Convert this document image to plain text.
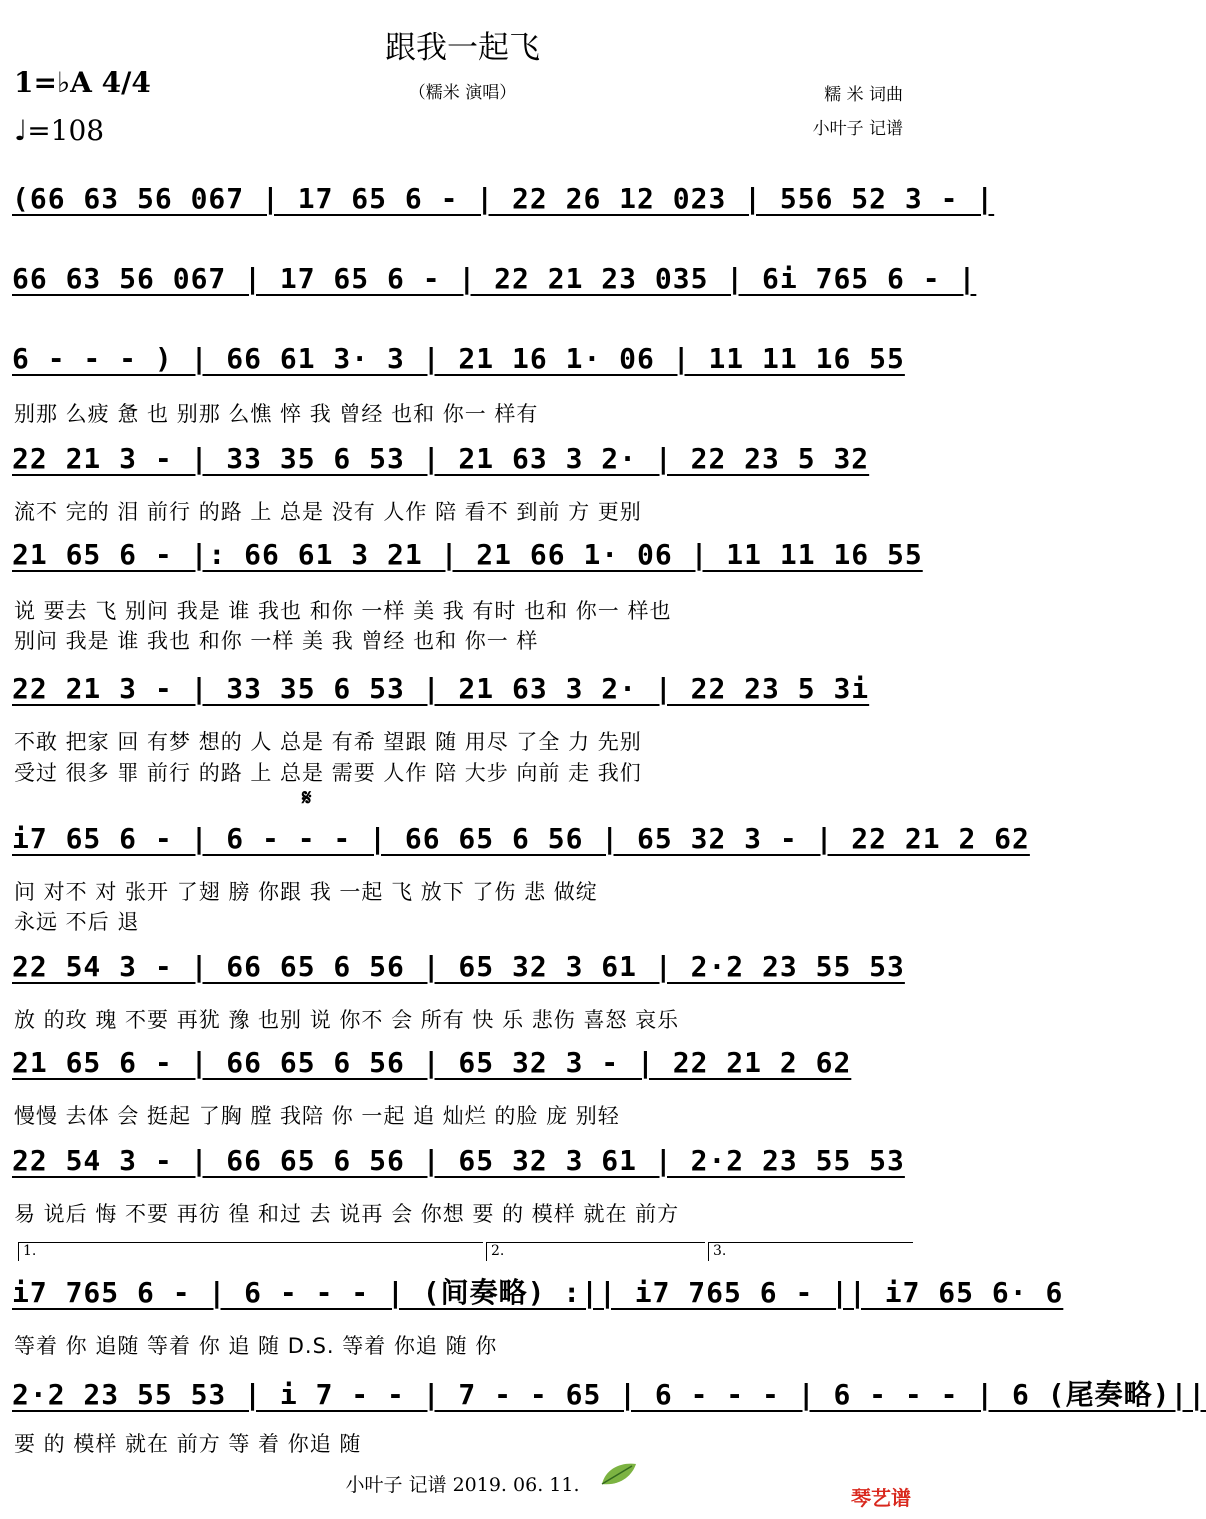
跟我一起飞
（糯米 演唱）	糯 米 词曲
小叶子 记谱
1=♭A 4/4
♩=108
(66 63 56 067 | 17 65 6 - | 22 26 12 023 | 556 52 3 - |
66 63 56 067 | 17 65 6 - | 22 21 23 035 | 6i 765 6 - |
6 - - - ) | 66 61 3· 3 | 21 16 1· 06 | 11 11 16 55
别那 么疲 惫 也 别那 么憔 悴 我 曾经 也和 你一 样有
22 21 3 - | 33 35 6 53 | 21 63 3 2· | 22 23 5 32
流不 完的 泪 前行 的路 上 总是 没有 人作 陪 看不 到前 方 更别
21 65 6 - |: 66 61 3 21 | 21 66 1· 06 | 11 11 16 55
说 要去 飞 别问 我是 谁 我也 和你 一样 美 我 有时 也和 你一 样也
别问 我是 谁 我也 和你 一样 美 我 曾经 也和 你一 样
22 21 3 - | 33 35 6 53 | 21 63 3 2· | 22 23 5 3i
不敢 把家 回 有梦 想的 人 总是 有希 望跟 随 用尽 了全 力 先别
受过 很多 罪 前行 的路 上 总是 需要 人作 陪 大步 向前 走 我们
𝄋
i7 65 6 - | 6 - - - | 66 65 6 56 | 65 32 3 - | 22 21 2 62
问 对不 对 张开 了翅 膀 你跟 我 一起 飞 放下 了伤 悲 做绽
永远 不后 退
22 54 3 - | 66 65 6 56 | 65 32 3 61 | 2·2 23 55 53
放 的玫 瑰 不要 再犹 豫 也别 说 你不 会 所有 快 乐 悲伤 喜怒 哀乐
21 65 6 - | 66 65 6 56 | 65 32 3 - | 22 21 2 62
慢慢 去体 会 挺起 了胸 膛 我陪 你 一起 追 灿烂 的脸 庞 别轻
22 54 3 - | 66 65 6 56 | 65 32 3 61 | 2·2 23 55 53
易 说后 悔 不要 再彷 徨 和过 去 说再 会 你想 要 的 模样 就在 前方
1.	2.	3.
i7 765 6 - | 6 - - - | (间奏略) :|| i7 765 6 - || i7 65 6· 6
等着 你 追随 等着 你 追 随 D.S. 等着 你追 随 你
2·2 23 55 53 | i 7 - - | 7 - - 65 | 6 - - - | 6 - - - | 6 (尾奏略)||
要 的 模样 就在 前方 等 着 你追 随
小叶子 记谱 2019. 06. 11.
琴艺谱
